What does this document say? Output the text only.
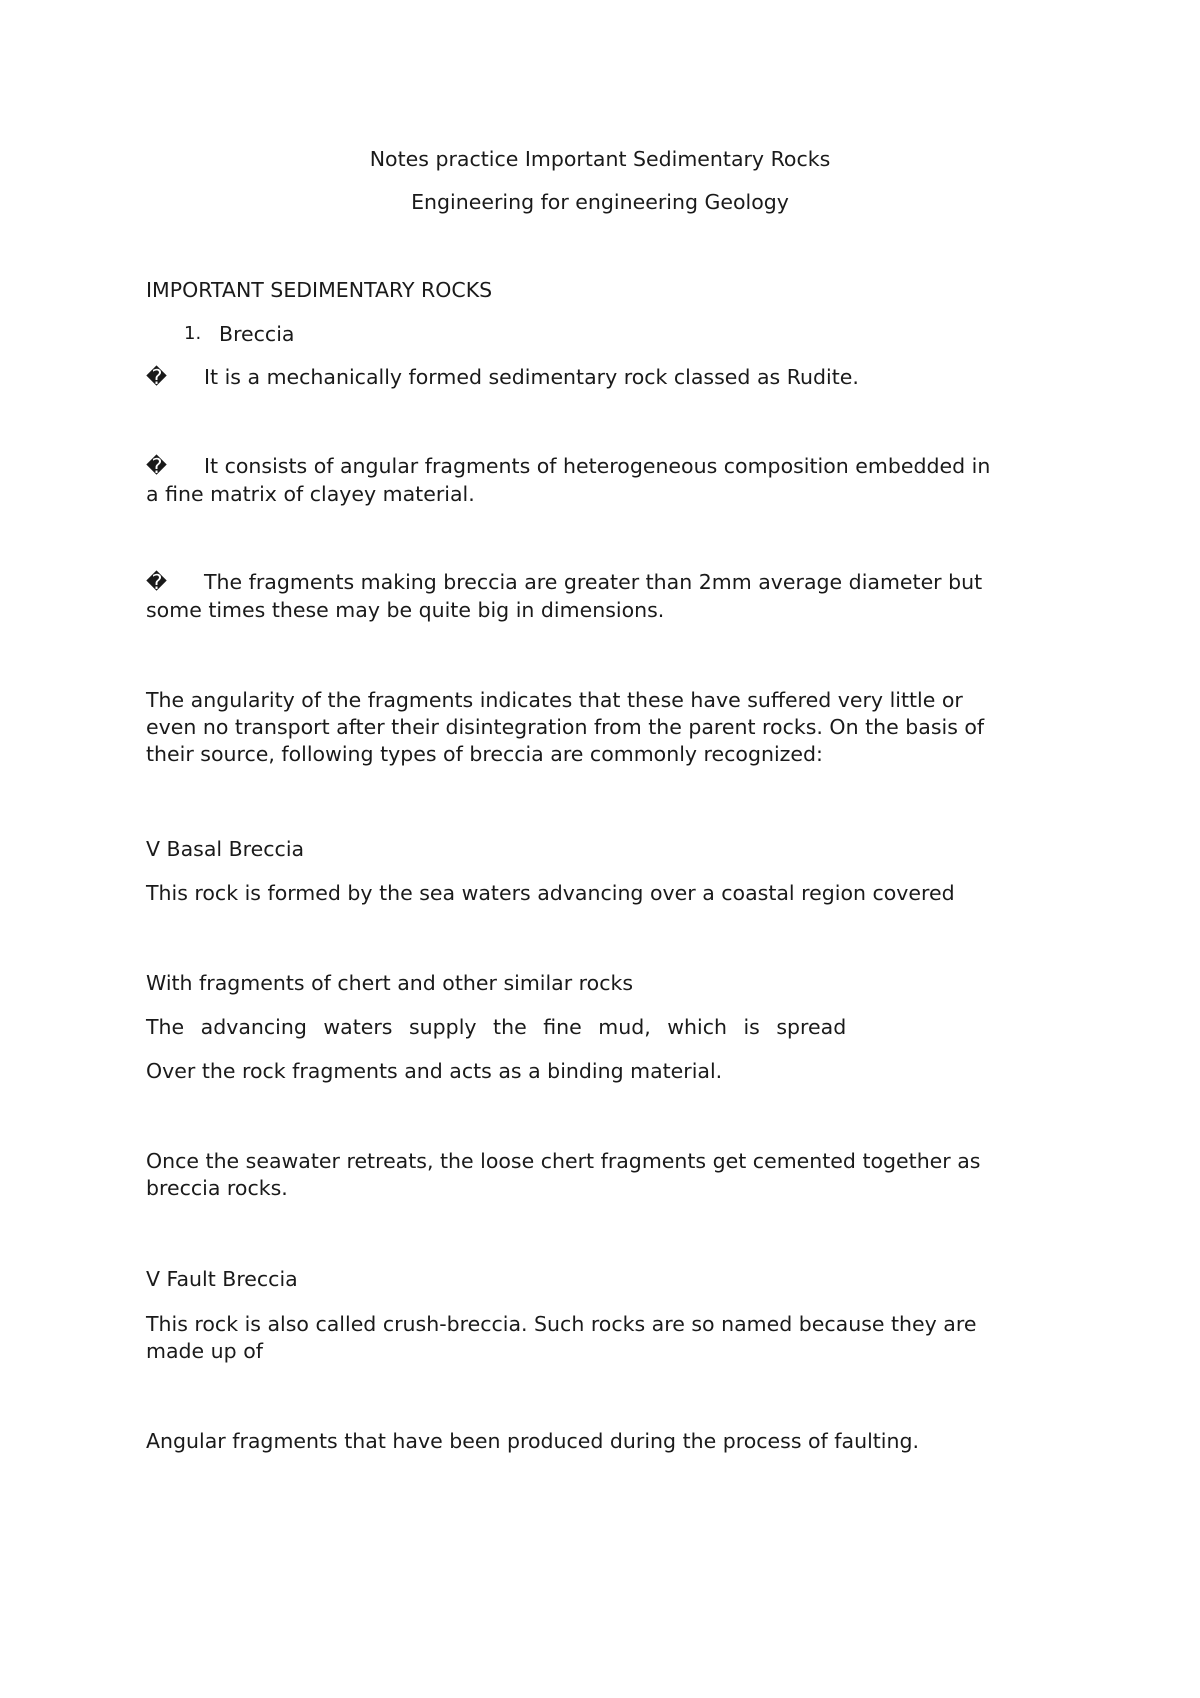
Notes practice Important Sedimentary Rocks
Engineering for engineering Geology
IMPORTANT SEDIMENTARY ROCKS
1. Breccia
�	It is a mechanically formed sedimentary rock classed as Rudite.
�	It consists of angular fragments of heterogeneous composition embedded in
a fine matrix of clayey material.
�	The fragments making breccia are greater than 2mm average diameter but
some times these may be quite big in dimensions.
The angularity of the fragments indicates that these have suffered very little or
even no transport after their disintegration from the parent rocks. On the basis of
their source, following types of breccia are commonly recognized:
V Basal Breccia
This rock is formed by the sea waters advancing over a coastal region covered
With fragments of chert and other similar rocks
The advancing waters supply the fine mud, which is spread
Over the rock fragments and acts as a binding material.
Once the seawater retreats, the loose chert fragments get cemented together as
breccia rocks.
V Fault Breccia
This rock is also called crush-breccia. Such rocks are so named because they are
made up of
Angular fragments that have been produced during the process of faulting.
